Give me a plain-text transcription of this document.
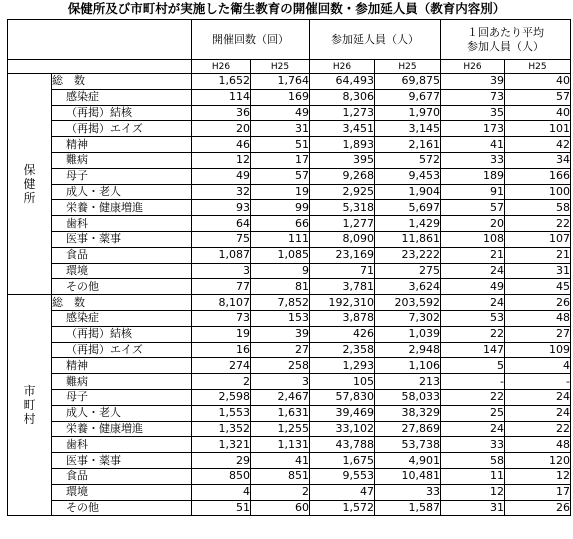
保健所及び市町村が実施した衛生教育の開催回数・参加延人員（教育内容別）
		開催回数（回）		参加延人員（人）		１回あたり平均
参加人員（人）	
		H26	H25	H26	H25	H26	H25
保
健
所	総　数	1,652	1,764	64,493	69,875	39	40
	感染症	114	169	8,306	9,677	73	57
	（再掲）結核	36	49	1,273	1,970	35	40
	（再掲）エイズ	20	31	3,451	3,145	173	101
	精神	46	51	1,893	2,161	41	42
	難病	12	17	395	572	33	34
	母子	49	57	9,268	9,453	189	166
	成人・老人	32	19	2,925	1,904	91	100
	栄養・健康増進	93	99	5,318	5,697	57	58
	歯科	64	66	1,277	1,429	20	22
	医事・薬事	75	111	8,090	11,861	108	107
	食品	1,087	1,085	23,169	23,222	21	21
	環境	3	9	71	275	24	31
	その他	77	81	3,781	3,624	49	45
市
町
村	総　数	8,107	7,852	192,310	203,592	24	26
	感染症	73	153	3,878	7,302	53	48
	（再掲）結核	19	39	426	1,039	22	27
	（再掲）エイズ	16	27	2,358	2,948	147	109
	精神	274	258	1,293	1,106	5	4
	難病	2	3	105	213	-	-
	母子	2,598	2,467	57,830	58,033	22	24
	成人・老人	1,553	1,631	39,469	38,329	25	24
	栄養・健康増進	1,352	1,255	33,102	27,869	24	22
	歯科	1,321	1,131	43,788	53,738	33	48
	医事・薬事	29	41	1,675	4,901	58	120
	食品	850	851	9,553	10,481	11	12
	環境	4	2	47	33	12	17
	その他	51	60	1,572	1,587	31	26
